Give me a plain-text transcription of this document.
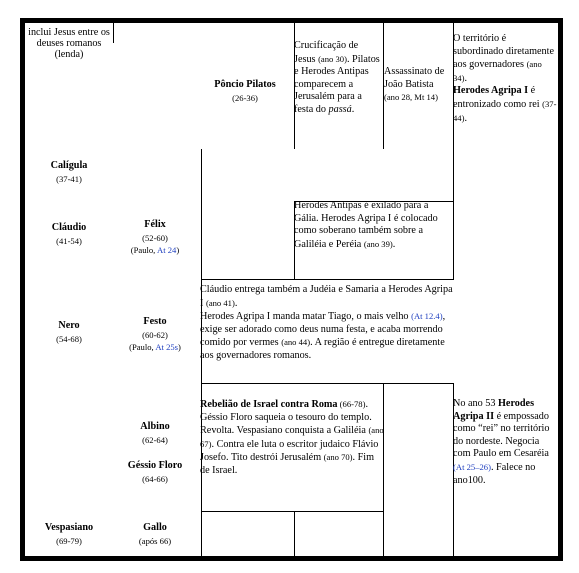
inclui Jesus entre os deuses romanos (lenda)
Calígula
(37-41)
Cláudio
(41-54)
Nero
(54-68)
Vespasiano
(69-79)
Pôncio Pilatos
(26-36)
Félix
(52-60)
(Paulo, At 24)
Festo
(60-62)
(Paulo, At 25s)
Albino
(62-64)
Géssio Floro
(64-66)
Gallo
(após 66)
Crucificação de Jesus (ano 30). Pilatos e Herodes Antipas comparecem a Jerusalém para a festa do passá.
Assassinato de João Batista (ano 28, Mt 14)
O território é subordinado diretamente aos governadores (ano 34).
Herodes Agripa I é entronizado como rei (37-44).
Herodes Antipas é exilado para a Gália. Herodes Agripa I é colocado como soberano também sobre a Galiléia e Peréia (ano 39).
Cláudio entrega também a Judéia e Samaria a Herodes Agripa I (ano 41).
Herodes Agripa I manda matar Tiago, o mais velho (At 12.4), exige ser adorado como deus numa festa, e acaba morrendo comido por vermes (ano 44). A região é entregue diretamente aos governadores romanos.
Rebelião de Israel contra Roma (66-78).
Géssio Floro saqueia o tesouro do templo. Revolta. Vespasiano conquista a Galiléia (ano 67). Contra ele luta o escritor judaico Flávio Josefo. Tito destrói Jerusalém (ano 70). Fim de Israel.
No ano 53 Herodes Agripa II é empossado como “rei” no território do nordeste. Negocia com Paulo em Cesaréia (At 25–26). Falece no ano100.
